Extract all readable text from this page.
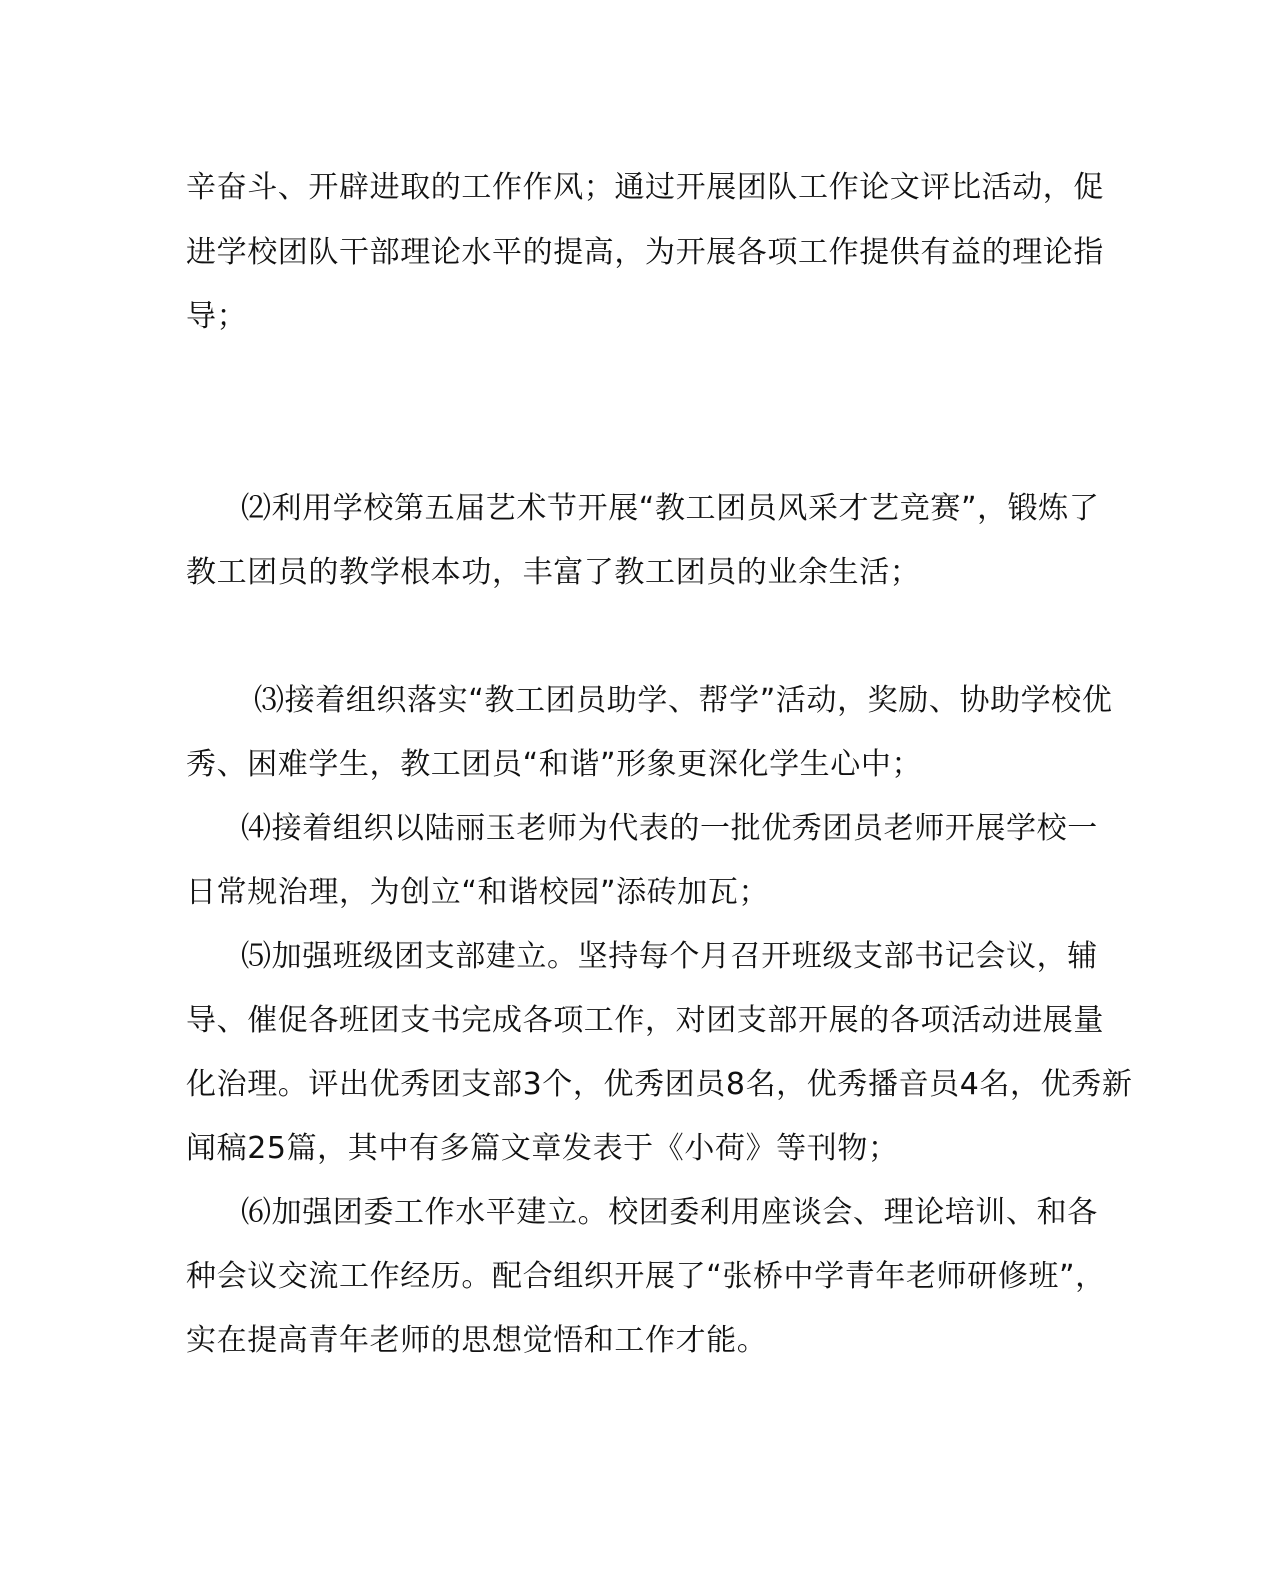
辛奋斗、开辟进取的工作作风；通过开展团队工作论文评比活动，促
进学校团队干部理论水平的提高，为开展各项工作提供有益的理论指
导；
⑵利用学校第五届艺术节开展“教工团员风采才艺竞赛”，锻炼了
教工团员的教学根本功，丰富了教工团员的业余生活；
⑶接着组织落实“教工团员助学、帮学”活动，奖励、协助学校优
秀、困难学生，教工团员“和谐”形象更深化学生心中；
⑷接着组织以陆丽玉老师为代表的一批优秀团员老师开展学校一
日常规治理，为创立“和谐校园”添砖加瓦；
⑸加强班级团支部建立。坚持每个月召开班级支部书记会议，辅
导、催促各班团支书完成各项工作，对团支部开展的各项活动进展量
化治理。评出优秀团支部3个，优秀团员8名，优秀播音员4名，优秀新
闻稿25篇，其中有多篇文章发表于《小荷》等刊物；
⑹加强团委工作水平建立。校团委利用座谈会、理论培训、和各
种会议交流工作经历。配合组织开展了“张桥中学青年老师研修班”，
实在提高青年老师的思想觉悟和工作才能。
